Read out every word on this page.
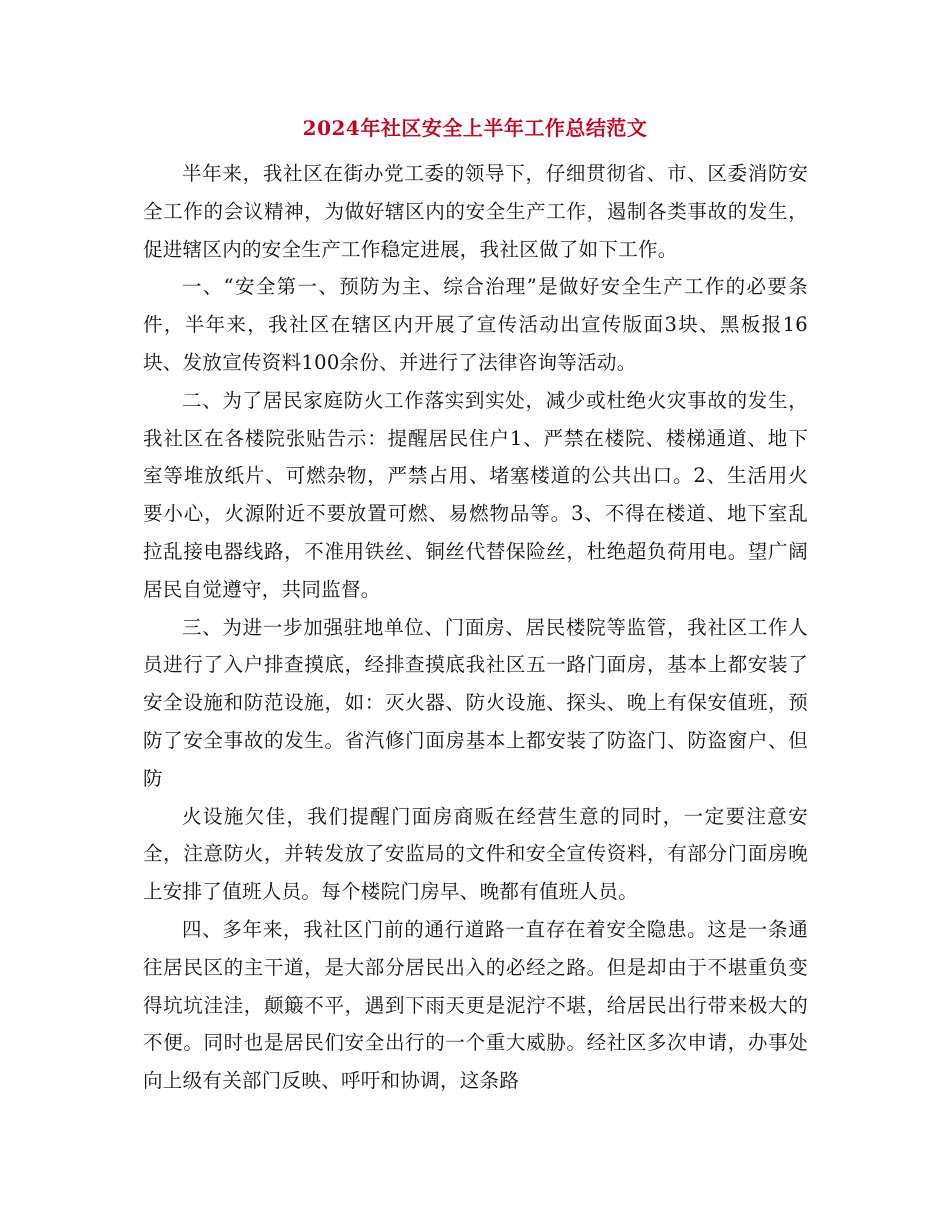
2024年社区安全上半年工作总结范文

半年来，我社区在街办党工委的领导下，仔细贯彻省、市、区委消防安全工作的会议精神，为做好辖区内的安全生产工作，遏制各类事故的发生，促进辖区内的安全生产工作稳定进展，我社区做了如下工作。

一、“安全第一、预防为主、综合治理”是做好安全生产工作的必要条件，半年来，我社区在辖区内开展了宣传活动出宣传版面3块、黑板报16块、发放宣传资料100余份、并进行了法律咨询等活动。

二、为了居民家庭防火工作落实到实处，减少或杜绝火灾事故的发生，我社区在各楼院张贴告示：提醒居民住户1、严禁在楼院、楼梯通道、地下室等堆放纸片、可燃杂物，严禁占用、堵塞楼道的公共出口。2、生活用火要小心，火源附近不要放置可燃、易燃物品等。3、不得在楼道、地下室乱拉乱接电器线路，不准用铁丝、铜丝代替保险丝，杜绝超负荷用电。望广阔居民自觉遵守，共同监督。

三、为进一步加强驻地单位、门面房、居民楼院等监管，我社区工作人员进行了入户排查摸底，经排查摸底我社区五一路门面房，基本上都安装了安全设施和防范设施，如：灭火器、防火设施、探头、晚上有保安值班，预防了安全事故的发生。省汽修门面房基本上都安装了防盗门、防盗窗户、但防

火设施欠佳，我们提醒门面房商贩在经营生意的同时，一定要注意安全，注意防火，并转发放了安监局的文件和安全宣传资料，有部分门面房晚上安排了值班人员。每个楼院门房早、晚都有值班人员。

四、多年来，我社区门前的通行道路一直存在着安全隐患。这是一条通往居民区的主干道，是大部分居民出入的必经之路。但是却由于不堪重负变得坑坑洼洼，颠簸不平，遇到下雨天更是泥泞不堪，给居民出行带来极大的不便。同时也是居民们安全出行的一个重大威胁。经社区多次申请，办事处向上级有关部门反映、呼吁和协调，这条路
